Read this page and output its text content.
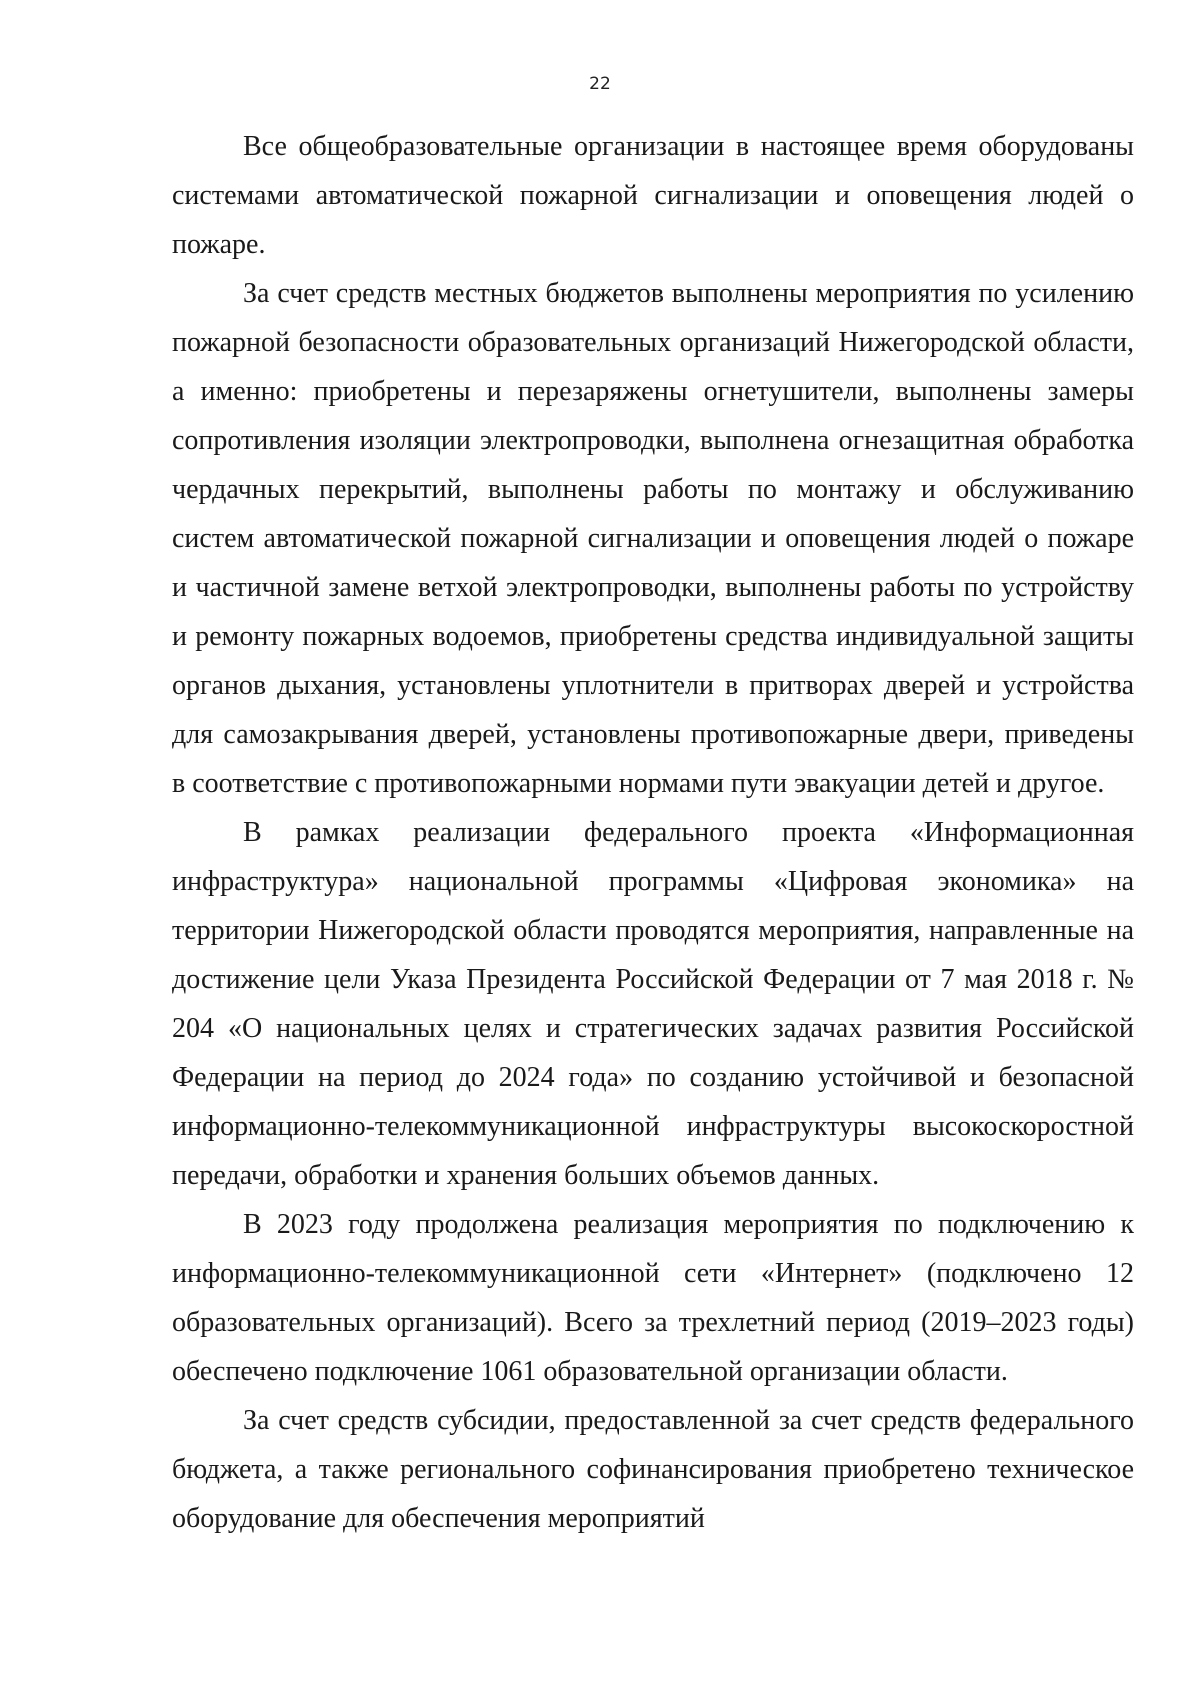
22

Все общеобразовательные организации в настоящее время оборудованы системами автоматической пожарной сигнализации и оповещения людей о пожаре.

За счет средств местных бюджетов выполнены мероприятия по усилению пожарной безопасности образовательных организаций Нижегородской области, а именно: приобретены и перезаряжены огнетушители, выполнены замеры сопротивления изоляции электропроводки, выполнена огнезащитная обработка чердачных перекрытий, выполнены работы по монтажу и обслуживанию систем автоматической пожарной сигнализации и оповещения людей о пожаре и частичной замене ветхой электропроводки, выполнены работы по устройству и ремонту пожарных водоемов, приобретены средства индивидуальной защиты органов дыхания, установлены уплотнители в притворах дверей и устройства для самозакрывания дверей, установлены противопожарные двери, приведены в соответствие с противопожарными нормами пути эвакуации детей и другое.

В рамках реализации федерального проекта «Информационная инфраструктура» национальной программы «Цифровая экономика» на территории Нижегородской области проводятся мероприятия, направленные на достижение цели Указа Президента Российской Федерации от 7 мая 2018 г. № 204 «О национальных целях и стратегических задачах развития Российской Федерации на период до 2024 года» по созданию устойчивой и безопасной информационно-телекоммуникационной инфраструктуры высокоскоростной передачи, обработки и хранения больших объемов данных.

В 2023 году продолжена реализация мероприятия по подключению к информационно-телекоммуникационной сети «Интернет» (подключено 12 образовательных организаций). Всего за трехлетний период (2019–2023 годы) обеспечено подключение 1061 образовательной организации области.

За счет средств субсидии, предоставленной за счет средств федерального бюджета, а также регионального софинансирования приобретено техническое оборудование для обеспечения мероприятий
